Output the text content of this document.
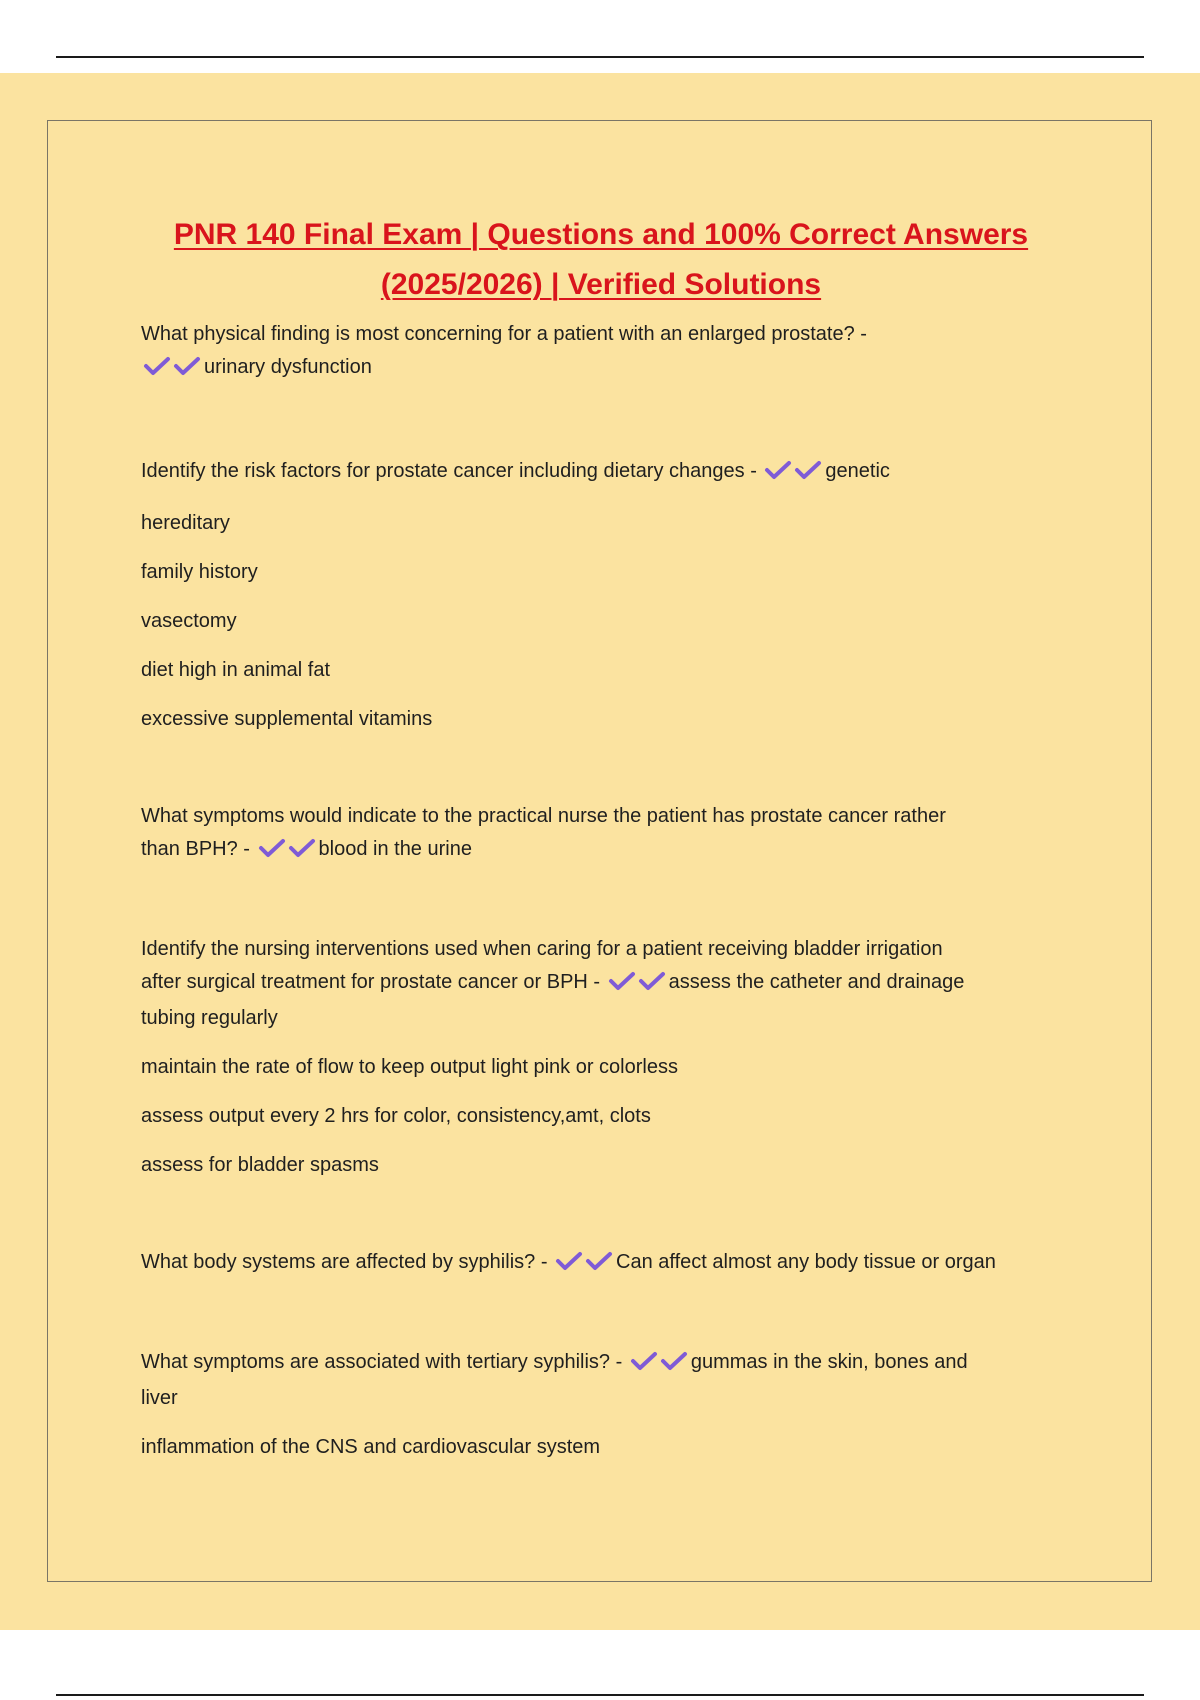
PNR 140 Final Exam | Questions and 100% Correct Answers
(2025/2026) | Verified Solutions

What physical finding is most concerning for a patient with an enlarged prostate? -

urinary dysfunction

Identify the risk factors for prostate cancer including dietary changes -	genetic

hereditary

family history

vasectomy

diet high in animal fat

excessive supplemental vitamins

What symptoms would indicate to the practical nurse the patient has prostate cancer rather

than BPH? -	blood in the urine

Identify the nursing interventions used when caring for a patient receiving bladder irrigation

after surgical treatment for prostate cancer or BPH -	assess the catheter and drainage

tubing regularly

maintain the rate of flow to keep output light pink or colorless

assess output every 2 hrs for color, consistency,amt, clots

assess for bladder spasms

What body systems are affected by syphilis? -	Can affect almost any body tissue or organ

What symptoms are associated with tertiary syphilis? -	gummas in the skin, bones and

liver

inflammation of the CNS and cardiovascular system
